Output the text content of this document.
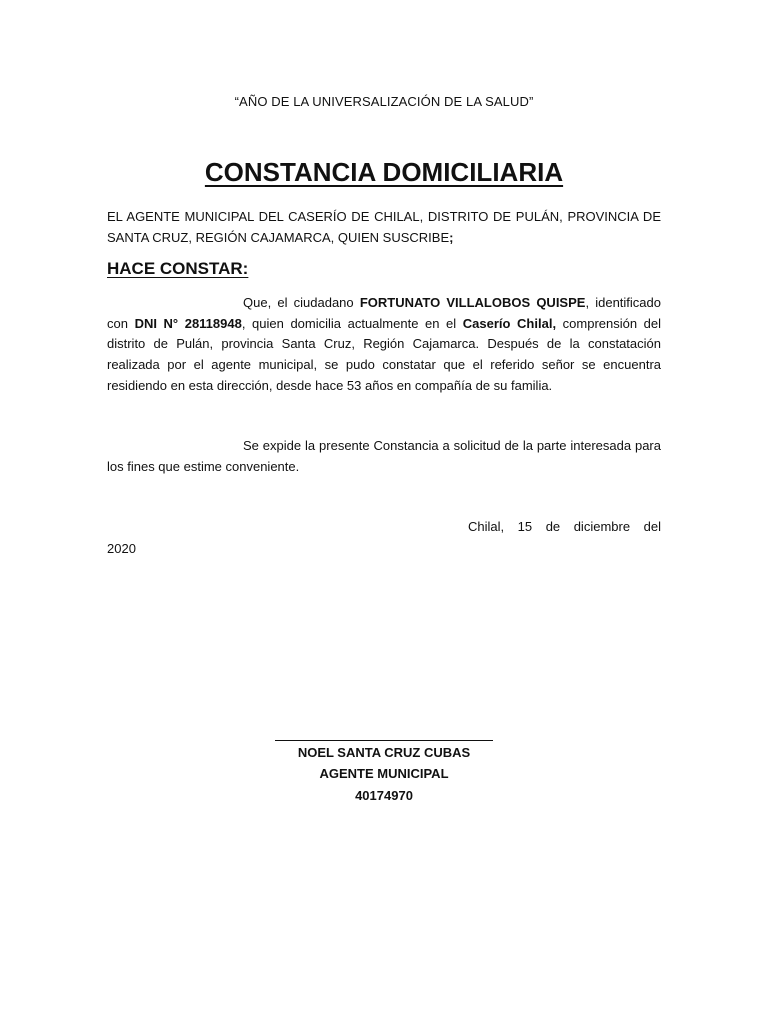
“AÑO DE LA UNIVERSALIZACIÓN DE LA SALUD”
CONSTANCIA DOMICILIARIA
EL AGENTE MUNICIPAL DEL CASERÍO DE CHILAL, DISTRITO DE PULÁN, PROVINCIA DE SANTA CRUZ, REGIÓN CAJAMARCA, QUIEN SUSCRIBE;
HACE CONSTAR:
Que, el ciudadano FORTUNATO VILLALOBOS QUISPE, identificado con DNI N° 28118948, quien domicilia actualmente en el Caserío Chilal, comprensión del distrito de Pulán, provincia Santa Cruz, Región Cajamarca. Después de la constatación realizada por el agente municipal, se pudo constatar que el referido señor se encuentra residiendo en esta dirección, desde hace 53 años en compañía de su familia.
Se expide la presente Constancia a solicitud de la parte interesada para los fines que estime conveniente.
Chilal, 15 de diciembre del
2020
NOEL SANTA CRUZ CUBAS
AGENTE MUNICIPAL
40174970
